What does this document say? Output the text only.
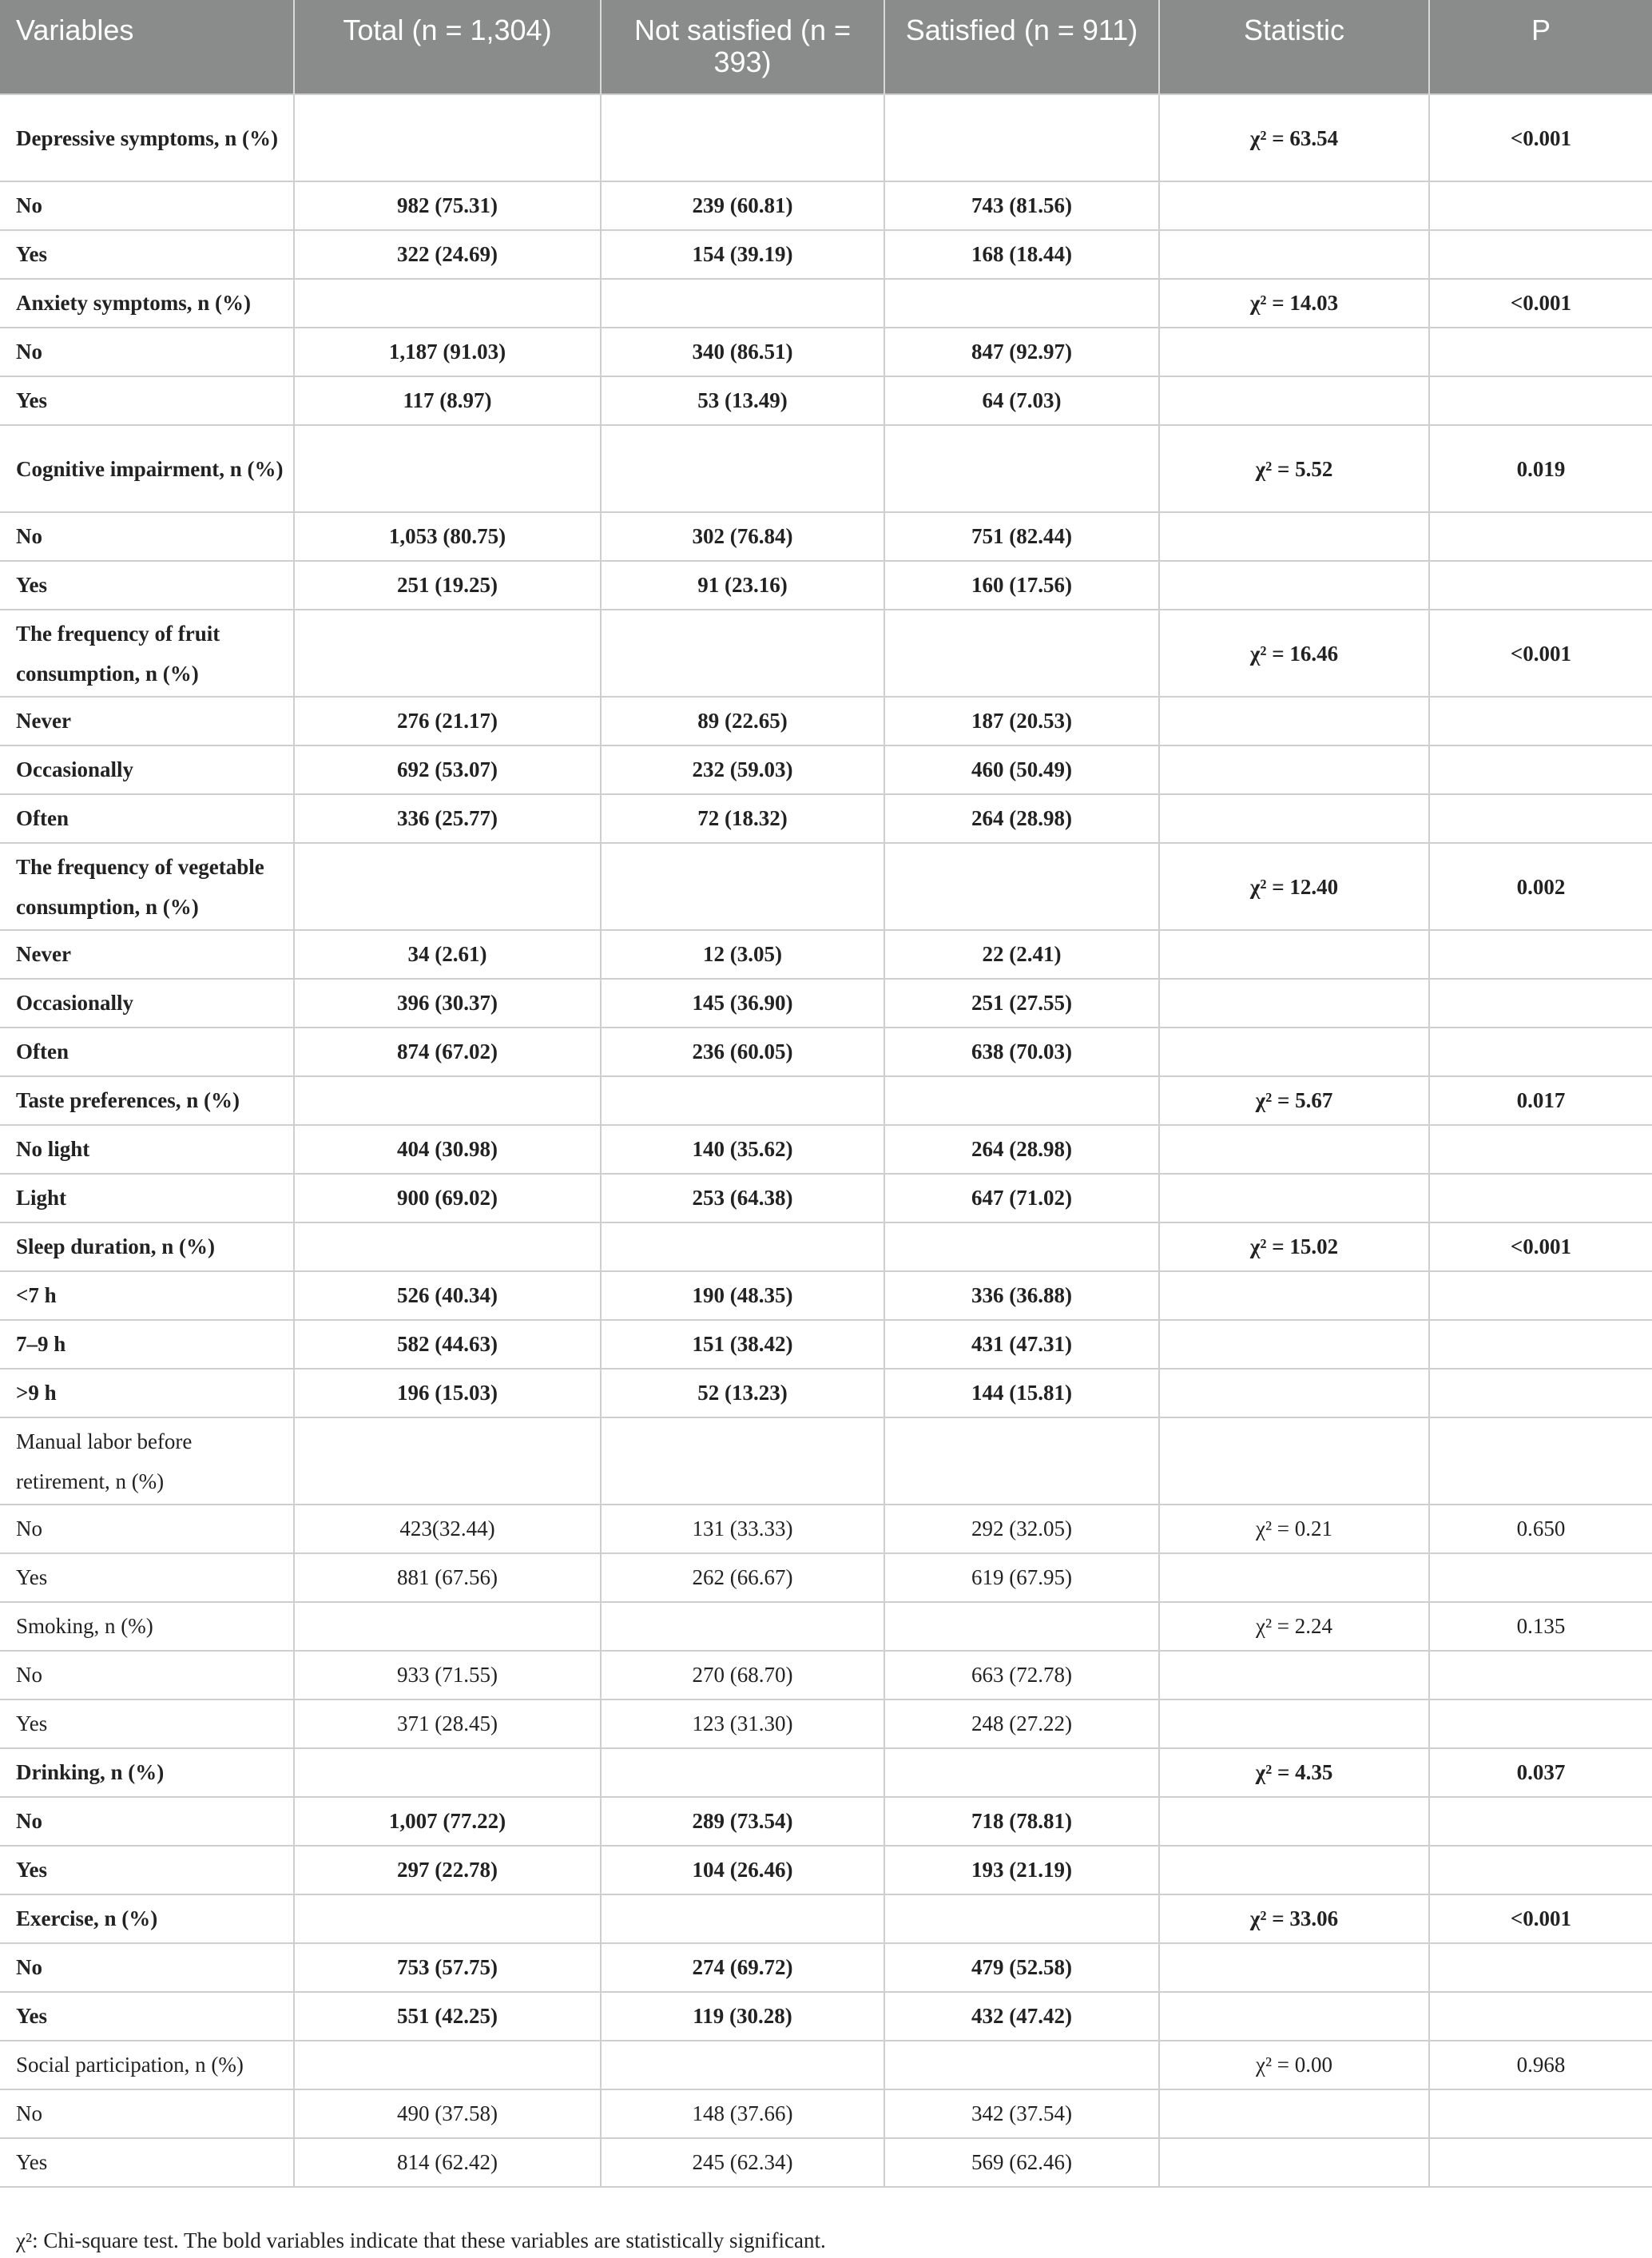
Variables	Total (n = 1,304)	Not satisfied (n = 393)	Satisfied (n = 911)	Statistic	P
Depressive symptoms, n (%)				χ² = 63.54	<0.001
No	982 (75.31)	239 (60.81)	743 (81.56)		
Yes	322 (24.69)	154 (39.19)	168 (18.44)		
Anxiety symptoms, n (%)				χ² = 14.03	<0.001
No	1,187 (91.03)	340 (86.51)	847 (92.97)		
Yes	117 (8.97)	53 (13.49)	64 (7.03)		
Cognitive impairment, n (%)				χ² = 5.52	0.019
No	1,053 (80.75)	302 (76.84)	751 (82.44)		
Yes	251 (19.25)	91 (23.16)	160 (17.56)		
The frequency of fruit consumption, n (%)				χ² = 16.46	<0.001
Never	276 (21.17)	89 (22.65)	187 (20.53)		
Occasionally	692 (53.07)	232 (59.03)	460 (50.49)		
Often	336 (25.77)	72 (18.32)	264 (28.98)		
The frequency of vegetable consumption, n (%)				χ² = 12.40	0.002
Never	34 (2.61)	12 (3.05)	22 (2.41)		
Occasionally	396 (30.37)	145 (36.90)	251 (27.55)		
Often	874 (67.02)	236 (60.05)	638 (70.03)		
Taste preferences, n (%)				χ² = 5.67	0.017
No light	404 (30.98)	140 (35.62)	264 (28.98)		
Light	900 (69.02)	253 (64.38)	647 (71.02)		
Sleep duration, n (%)				χ² = 15.02	<0.001
<7 h	526 (40.34)	190 (48.35)	336 (36.88)		
7–9 h	582 (44.63)	151 (38.42)	431 (47.31)		
>9 h	196 (15.03)	52 (13.23)	144 (15.81)		
Manual labor before retirement, n (%)					
No	423(32.44)	131 (33.33)	292 (32.05)	χ² = 0.21	0.650
Yes	881 (67.56)	262 (66.67)	619 (67.95)		
Smoking, n (%)				χ² = 2.24	0.135
No	933 (71.55)	270 (68.70)	663 (72.78)		
Yes	371 (28.45)	123 (31.30)	248 (27.22)		
Drinking, n (%)				χ² = 4.35	0.037
No	1,007 (77.22)	289 (73.54)	718 (78.81)		
Yes	297 (22.78)	104 (26.46)	193 (21.19)		
Exercise, n (%)				χ² = 33.06	<0.001
No	753 (57.75)	274 (69.72)	479 (52.58)		
Yes	551 (42.25)	119 (30.28)	432 (47.42)		
Social participation, n (%)				χ² = 0.00	0.968
No	490 (37.58)	148 (37.66)	342 (37.54)		
Yes	814 (62.42)	245 (62.34)	569 (62.46)		
χ²: Chi-square test. The bold variables indicate that these variables are statistically significant.
